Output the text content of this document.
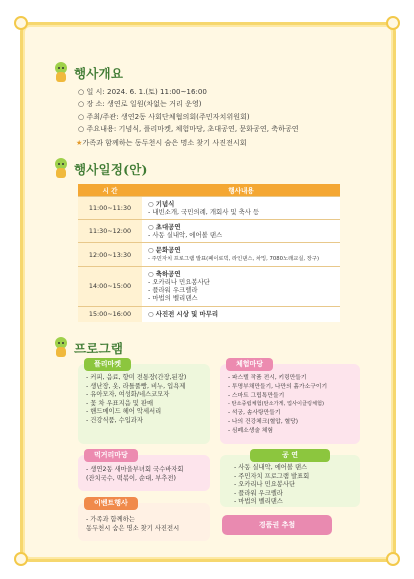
행사개요
○ 일 시: 2024. 6. 1.(토) 11:00~16:00
○ 장 소: 생연로 일원(차없는 거리 운영)
○ 주최/주관: 생연2동 사회단체협의회(주민자치위원회)
○ 주요내용: 기념식, 플리마켓, 체험마당, 초대공연, 문화공연, 축하공연
★가족과 함께하는 동두천시 숨은 명소 찾기 사진전시회
행사일정(안)
시 간	행사내용
11:00~11:30	○ 기념식
- 내빈소개, 국민의례, 개회사 및 축사 등

11:30~12:00	○ 초대공연
- 사동 실내악, 에어볼 댄스

12:00~13:30	○ 문화공연
- 주민자치 프로그램 발표(폐이로빅, 라인댄스, 차밍, 7080노래교실, 장구)

14:00~15:00	○ 축하공연
- 오카리나 민요봉사단
- 플라워 우크렐라
- 마법의 벨리댄스

15:00~16:00	○ 사진전 시상 및 마무리
프로그램
플리마켓
- 커피, 음료, 향미 전통장(간장,된장)
- 생난장, 옷, 라틀풀빵, 비누, 입욕제
- 유아모자, 여성화/네스코모자
- 꽃 차 우표지음 및 판매
- 핸드메이드 헤어 악세서리
- 건강식품, 수입과자
체험마당
- 파스텔 작품 전시, 키링만들기
- 투명부채만들기, 나만의 흙가소구이기
- 스마트 그립톡만들기
- 탄소중립체험(탄소가게, 업사이클링체험)
- 석궁, 솜사탕만들기
- 나의 건강체크(혈압, 혈당)
- 심폐소생술 체험
먹거리마당
- 생연2동 새마을부녀회 국수바자회
(잔치국수, 떡볶이, 순대, 부추전)
공 연
- 사동 실내악, 에어볼 댄스
- 주민자치 프로그램 발표회
- 오카리나 민요봉사단
- 플라워 우크렐라
- 마법의 벨리댄스
이벤트행사
- 가족과 함께하는
동두천시 숨은 명소 찾기 사진전시	경품권 추첨
